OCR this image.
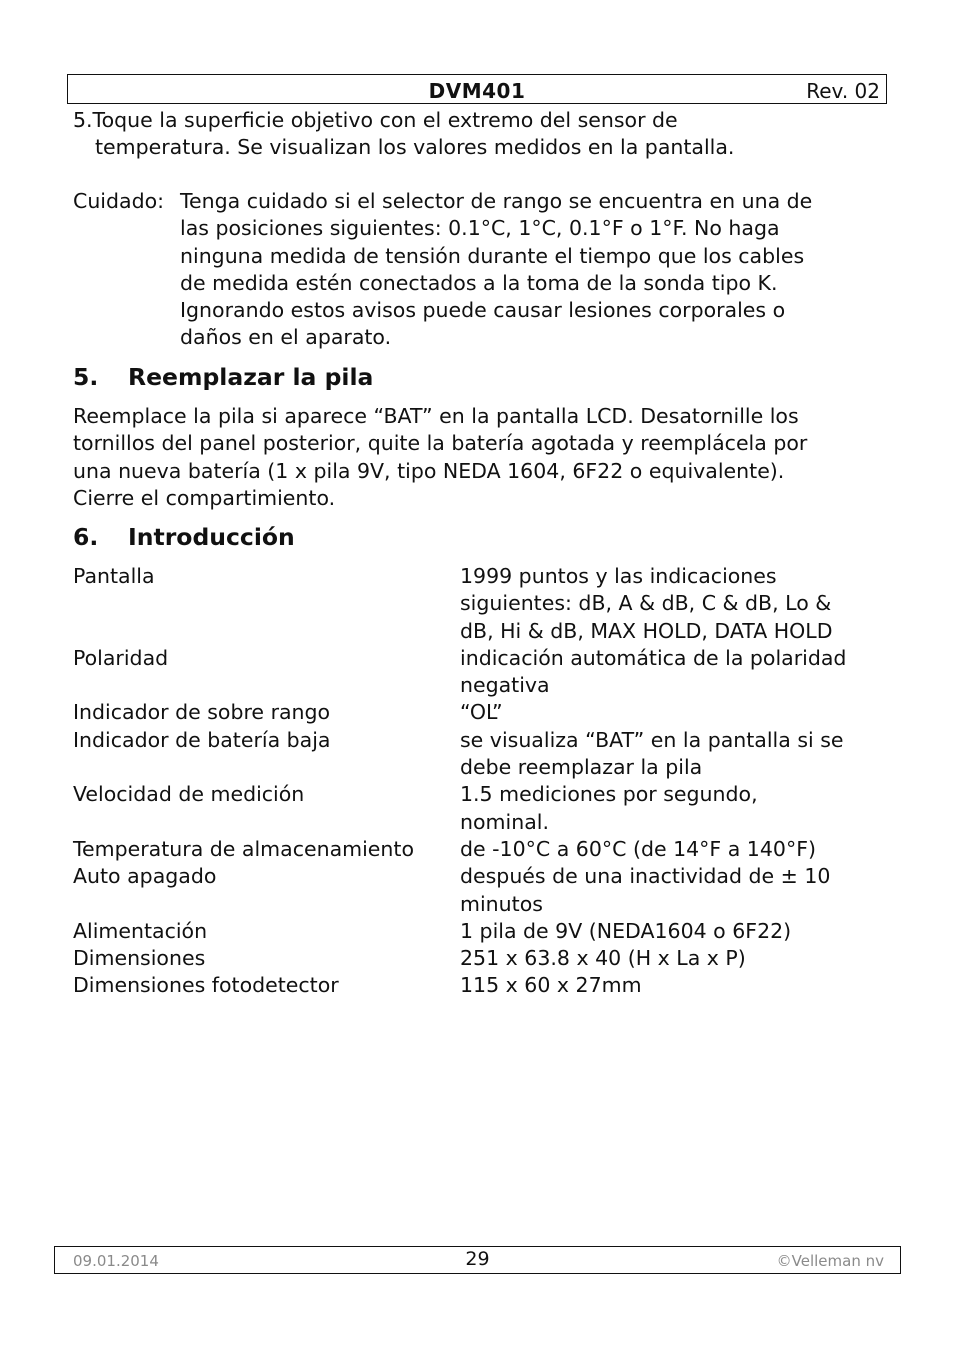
DVM401	Rev. 02
5.Toque la superficie objetivo con el extremo del sensor de
temperatura. Se visualizan los valores medidos en la pantalla.
Cuidado: Tenga cuidado si el selector de rango se encuentra en una de
las posiciones siguientes: 0.1°C, 1°C, 0.1°F o 1°F. No haga
ninguna medida de tensión durante el tiempo que los cables
de medida estén conectados a la toma de la sonda tipo K.
Ignorando estos avisos puede causar lesiones corporales o
daños en el aparato.
5. Reemplazar la pila
Reemplace la pila si aparece “BAT” en la pantalla LCD. Desatornille los
tornillos del panel posterior, quite la batería agotada y reemplácela por
una nueva batería (1 x pila 9V, tipo NEDA 1604, 6F22 o equivalente).
Cierre el compartimiento.
6. Introducción
Pantalla	1999 puntos y las indicaciones
siguientes: dB, A & dB, C & dB, Lo &
dB, Hi & dB, MAX HOLD, DATA HOLD
Polaridad	indicación automática de la polaridad
negativa
Indicador de sobre rango	“OL”
Indicador de batería baja	se visualiza “BAT” en la pantalla si se
debe reemplazar la pila
Velocidad de medición	1.5 mediciones por segundo,
nominal.
Temperatura de almacenamiento	de -10°C a 60°C (de 14°F a 140°F)
Auto apagado	después de una inactividad de ± 10
minutos
Alimentación	1 pila de 9V (NEDA1604 o 6F22)
Dimensiones	251 x 63.8 x 40 (H x La x P)
Dimensiones fotodetector	115 x 60 x 27mm
09.01.2014	29	©Velleman nv
